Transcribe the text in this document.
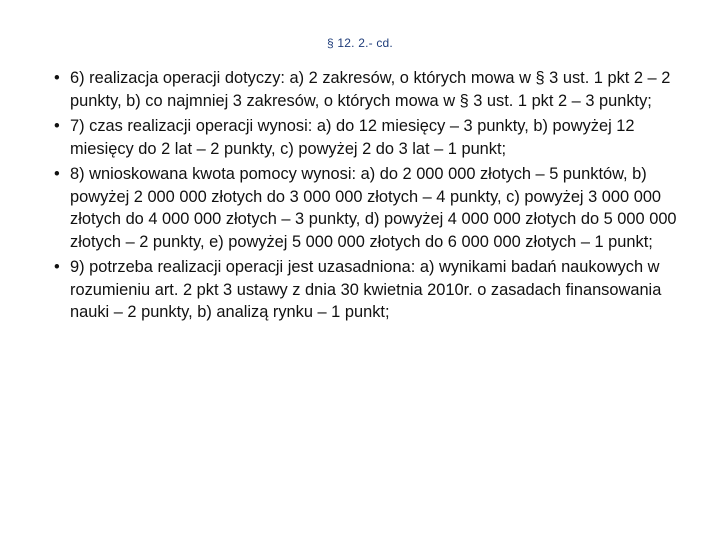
§ 12. 2.- cd.
• 6) realizacja operacji dotyczy: a) 2 zakresów, o których mowa w § 3 ust. 1 pkt 2 – 2 punkty, b) co najmniej 3 zakresów, o których mowa w § 3 ust. 1 pkt 2 – 3 punkty;
• 7) czas realizacji operacji wynosi: a) do 12 miesięcy – 3 punkty, b) powyżej 12 miesięcy do 2 lat – 2 punkty, c) powyżej 2 do 3 lat – 1 punkt;
• 8) wnioskowana kwota pomocy wynosi: a) do 2 000 000 złotych – 5 punktów, b) powyżej 2 000 000 złotych do 3 000 000 złotych – 4 punkty, c) powyżej 3 000 000 złotych do 4 000 000 złotych – 3 punkty, d) powyżej 4 000 000 złotych do 5 000 000 złotych – 2 punkty, e) powyżej 5 000 000 złotych do 6 000 000 złotych – 1 punkt;
• 9) potrzeba realizacji operacji jest uzasadniona: a) wynikami badań naukowych w rozumieniu art. 2 pkt 3 ustawy z dnia 30 kwietnia 2010r. o zasadach finansowania nauki – 2 punkty, b) analizą rynku – 1 punkt;
